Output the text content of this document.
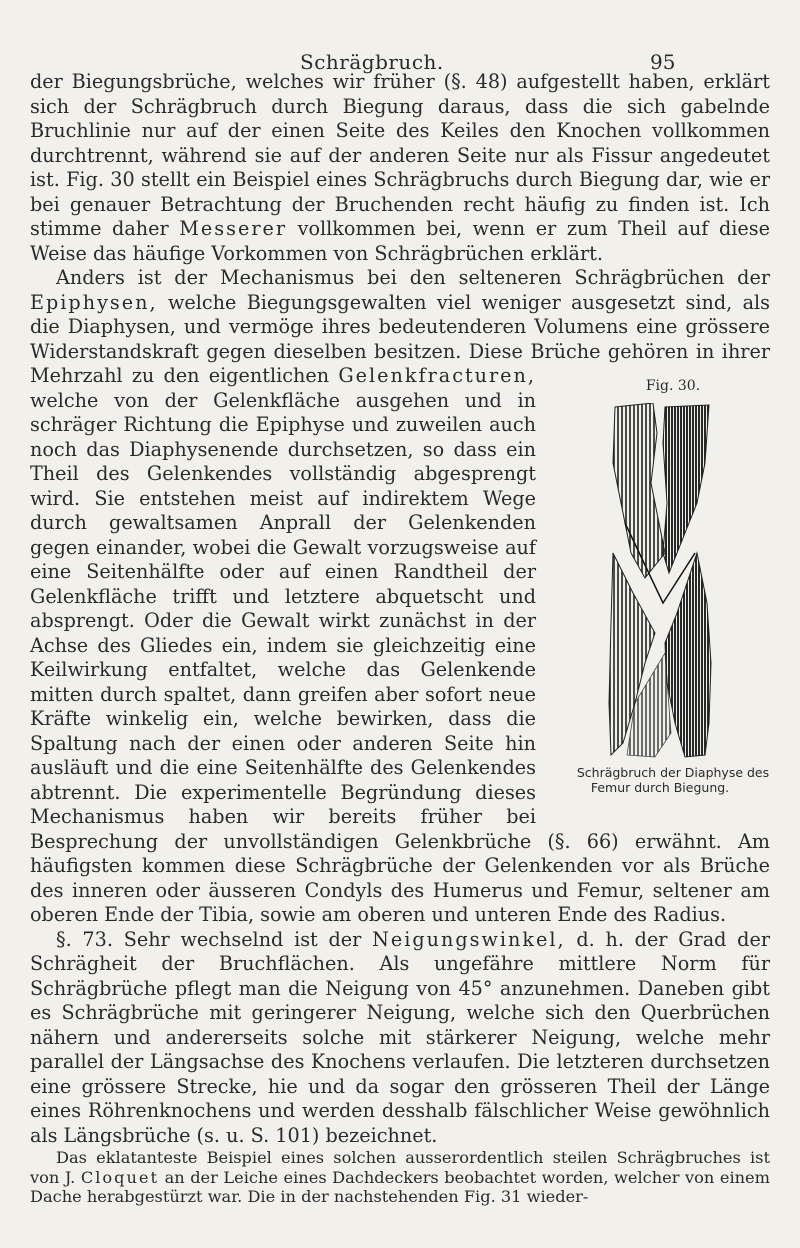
Schrägbruch.	95

der Biegungsbrüche, welches wir früher (§. 48) aufgestellt haben, erklärt sich der Schrägbruch durch Biegung daraus, dass die sich gabelnde Bruchlinie nur auf der einen Seite des Keiles den Knochen vollkommen durchtrennt, während sie auf der anderen Seite nur als Fissur angedeutet ist. Fig. 30 stellt ein Beispiel eines Schrägbruchs durch Biegung dar, wie er bei genauer Betrachtung der Bruchenden recht häufig zu finden ist. Ich stimme daher Messerer vollkommen bei, wenn er zum Theil auf diese Weise das häufige Vorkommen von Schrägbrüchen erklärt.

Anders ist der Mechanismus bei den selteneren Schrägbrüchen der Epiphysen, welche Biegungsgewalten viel weniger ausgesetzt sind, als die Diaphysen, und vermöge ihres bedeutenderen Volumens eine grössere Widerstandskraft gegen dieselben besitzen. Diese Brüche gehören in ihrer Mehrzahl zu den eigentlichen Gelenkfracturen,	Fig. 30.
Schrägbruch der Diaphyse des Femur durch Biegung.
welche von der Gelenkfläche ausgehen und in schräger Richtung die Epiphyse und zuweilen auch noch das Diaphysenende durchsetzen, so dass ein Theil des Gelenkendes vollständig abgesprengt wird. Sie entstehen meist auf indirektem Wege durch gewaltsamen Anprall der Gelenkenden gegen einander, wobei die Gewalt vorzugsweise auf eine Seitenhälfte oder auf einen Randtheil der Gelenkfläche trifft und letztere abquetscht und absprengt. Oder die Gewalt wirkt zunächst in der Achse des Gliedes ein, indem sie gleichzeitig eine Keilwirkung entfaltet, welche das Gelenkende mitten durch spaltet, dann greifen aber sofort neue Kräfte winkelig ein, welche bewirken, dass die Spaltung nach der einen oder anderen Seite hin ausläuft und die eine Seitenhälfte des Gelenkendes abtrennt. Die experimentelle Begründung dieses Mechanismus haben wir bereits früher bei Besprechung der unvollständigen Gelenkbrüche (§. 66) erwähnt. Am häufigsten kommen diese Schrägbrüche der Gelenkenden vor als Brüche des inneren oder äusseren Condyls des Humerus und Femur, seltener am oberen Ende der Tibia, sowie am oberen und unteren Ende des Radius.

§. 73. Sehr wechselnd ist der Neigungswinkel, d. h. der Grad der Schrägheit der Bruchflächen. Als ungefähre mittlere Norm für Schrägbrüche pflegt man die Neigung von 45° anzunehmen. Daneben gibt es Schrägbrüche mit geringerer Neigung, welche sich den Querbrüchen nähern und andererseits solche mit stärkerer Neigung, welche mehr parallel der Längsachse des Knochens verlaufen. Die letzteren durchsetzen eine grössere Strecke, hie und da sogar den grösseren Theil der Länge eines Röhrenknochens und werden desshalb fälschlicher Weise gewöhnlich als Längsbrüche (s. u. S. 101) bezeichnet.

Das eklatanteste Beispiel eines solchen ausserordentlich steilen Schrägbruches ist von J. Cloquet an der Leiche eines Dachdeckers beobachtet worden, welcher von einem Dache herabgestürzt war. Die in der nachstehenden Fig. 31 wieder-
